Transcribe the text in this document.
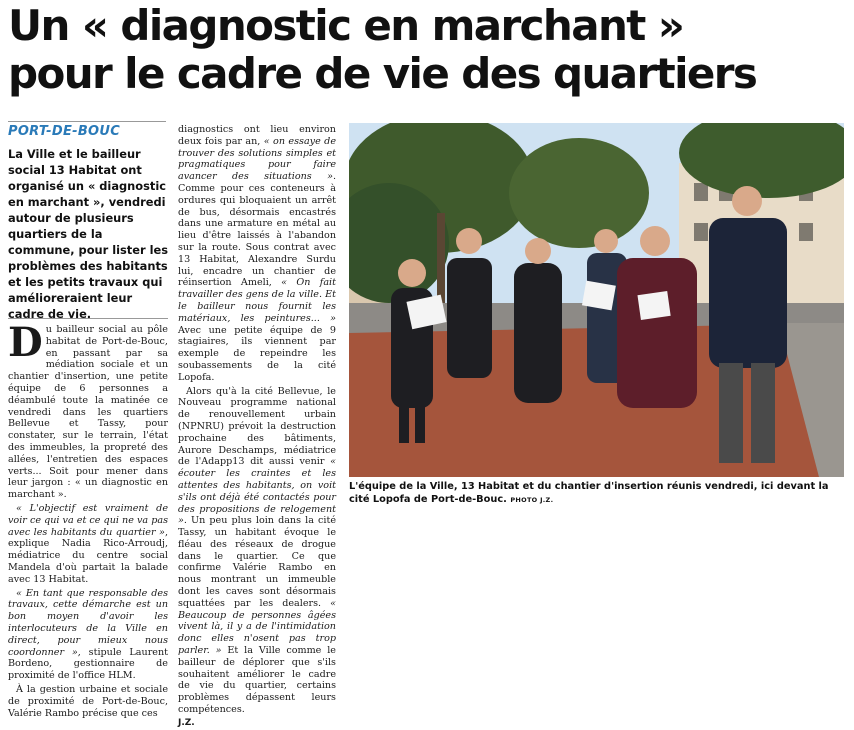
Un « diagnostic en marchant »
pour le cadre de vie des quartiers
PORT-DE-BOUC
La Ville et le bailleur social 13 Habitat ont organisé un « diagnostic en marchant », vendredi autour de plusieurs quartiers de la commune, pour lister les problèmes des habitants et les petits travaux qui amélioreraient leur cadre de vie.

Du bailleur social au pôle habitat de Port-de-Bouc, en passant par sa médiation sociale et un chantier d'insertion, une petite équipe de 6 personnes a déambulé toute la matinée ce vendredi dans les quartiers Bellevue et Tassy, pour constater, sur le terrain, l'état des immeubles, la propreté des allées, l'entretien des espaces verts... Soit pour mener dans leur jargon : « un diagnostic en marchant ».

« L'objectif est vraiment de voir ce qui va et ce qui ne va pas avec les habitants du quartier », explique Nadia Rico-Arroudj, médiatrice du centre social Mandela d'où partait la balade avec 13 Habitat.

« En tant que responsable des travaux, cette démarche est un bon moyen d'avoir les interlocuteurs de la Ville en direct, pour mieux nous coordonner », stipule Laurent Bordeno, gestionnaire de proximité de l'office HLM.

À la gestion urbaine et sociale de proximité de Port-de-Bouc, Valérie Rambo précise que ces

diagnostics ont lieu environ deux fois par an, « on essaye de trouver des solutions simples et pragmatiques pour faire avancer des situations ». Comme pour ces conteneurs à ordures qui bloquaient un arrêt de bus, désormais encastrés dans une armature en métal au lieu d'être laissés à l'abandon sur la route. Sous contrat avec 13 Habitat, Alexandre Surdu lui, encadre un chantier de réinsertion Ameli, « On fait travailler des gens de la ville. Et le bailleur nous fournit les matériaux, les peintures... » Avec une petite équipe de 9 stagiaires, ils viennent par exemple de repeindre les soubassements de la cité Lopofa.

Alors qu'à la cité Bellevue, le Nouveau programme national de renouvellement urbain (NPNRU) prévoit la destruction prochaine des bâtiments, Aurore Deschamps, médiatrice de l'Adapp13 dit aussi venir « écouter les craintes et les attentes des habitants, on voit s'ils ont déjà été contactés pour des propositions de relogement ». Un peu plus loin dans la cité Tassy, un habitant évoque le fléau des réseaux de drogue dans le quartier. Ce que confirme Valérie Rambo en nous montrant un immeuble dont les caves sont désormais squattées par les dealers. « Beaucoup de personnes âgées vivent là, il y a de l'intimidation donc elles n'osent pas trop parler. » Et la Ville comme le bailleur de déplorer que s'ils souhaitent améliorer le cadre de vie du quartier, certains problèmes dépassent leurs compétences.

J.Z.
L'équipe de la Ville, 13 Habitat et du chantier d'insertion réunis vendredi, ici devant la cité Lopofa de Port-de-Bouc. PHOTO J.Z.
